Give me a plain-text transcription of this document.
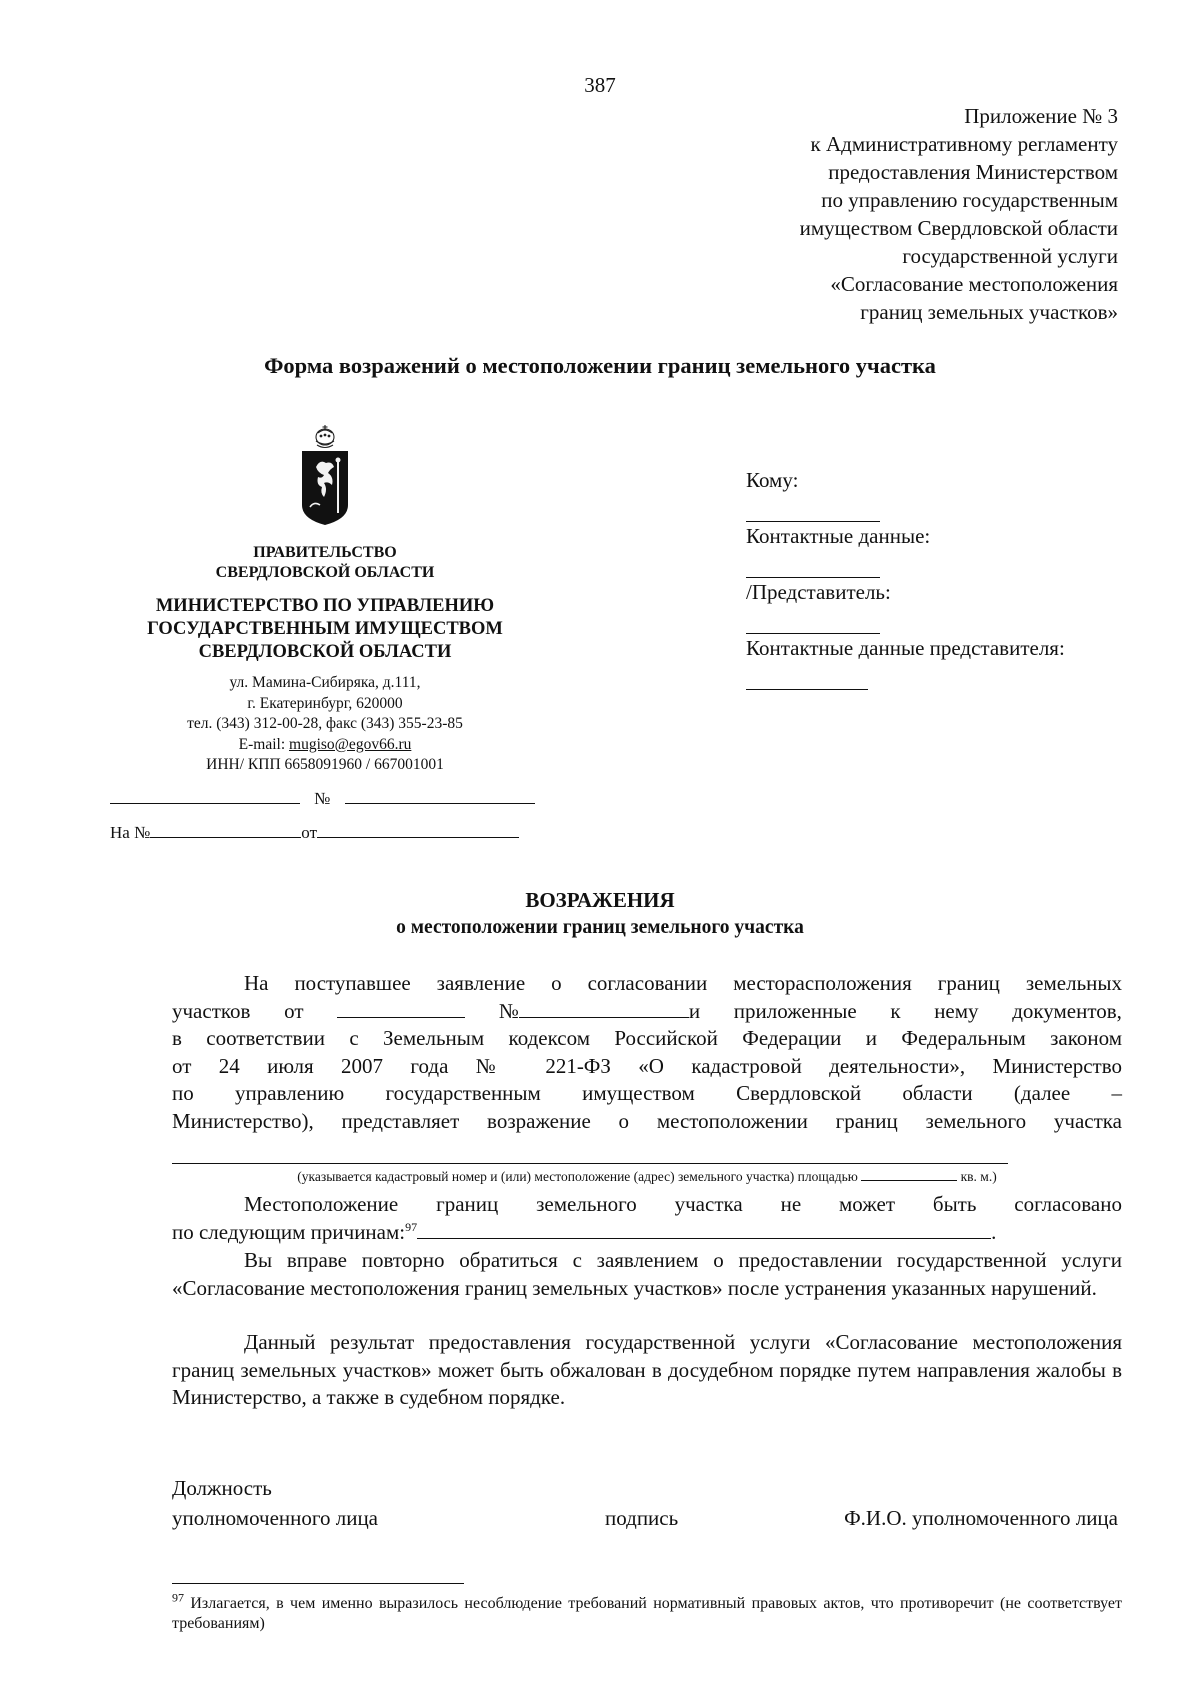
387
Приложение № 3
к Административному регламенту
предоставления Министерством
по управлению государственным
имуществом Свердловской области
государственной услуги
«Согласование местоположения
границ земельных участков»
Форма возражений о местоположении границ земельного участка
ПРАВИТЕЛЬСТВО
СВЕРДЛОВСКОЙ ОБЛАСТИ
МИНИСТЕРСТВО ПО УПРАВЛЕНИЮ
ГОСУДАРСТВЕННЫМ ИМУЩЕСТВОМ
СВЕРДЛОВСКОЙ ОБЛАСТИ
ул. Мамина-Сибиряка, д.111,
г. Екатеринбург, 620000
тел. (343) 312-00-28, факс (343) 355-23-85
E-mail: mugiso@egov66.ru
ИНН/ КПП 6658091960 / 667001001
№
На №	от
Кому:
Контактные данные:
/Представитель:
Контактные данные представителя:
ВОЗРАЖЕНИЯ
о местоположении границ земельного участка
На поступавшее заявление о согласовании месторасположения границ земельных
участков от	№	и приложенные к нему документов,
в соответствии с Земельным кодексом Российской Федерации и Федеральным законом
от 24 июля 2007 года № 221-ФЗ «О кадастровой деятельности», Министерство
по управлению государственным имуществом Свердловской области (далее –
Министерство), представляет возражение о местоположении границ земельного участка
(указывается кадастровый номер и (или) местоположение (адрес) земельного участка) площадью	кв. м.)
Местоположение границ земельного участка не может быть согласовано
по следующим причинам:$^{97}$	.

Вы вправе повторно обратиться с заявлением о предоставлении государственной услуги «Согласование местоположения границ земельных участков» после устранения указанных нарушений.

Данный результат предоставления государственной услуги «Согласование местоположения границ земельных участков» может быть обжалован в досудебном порядке путем направления жалобы в Министерство, а также в судебном порядке.

Должность
уполномоченного лица	подпись	Ф.И.О. уполномоченного лица
$^{97}$ Излагается, в чем именно выразилось несоблюдение требований нормативный правовых актов, что противоречит (не соответствует требованиям)
